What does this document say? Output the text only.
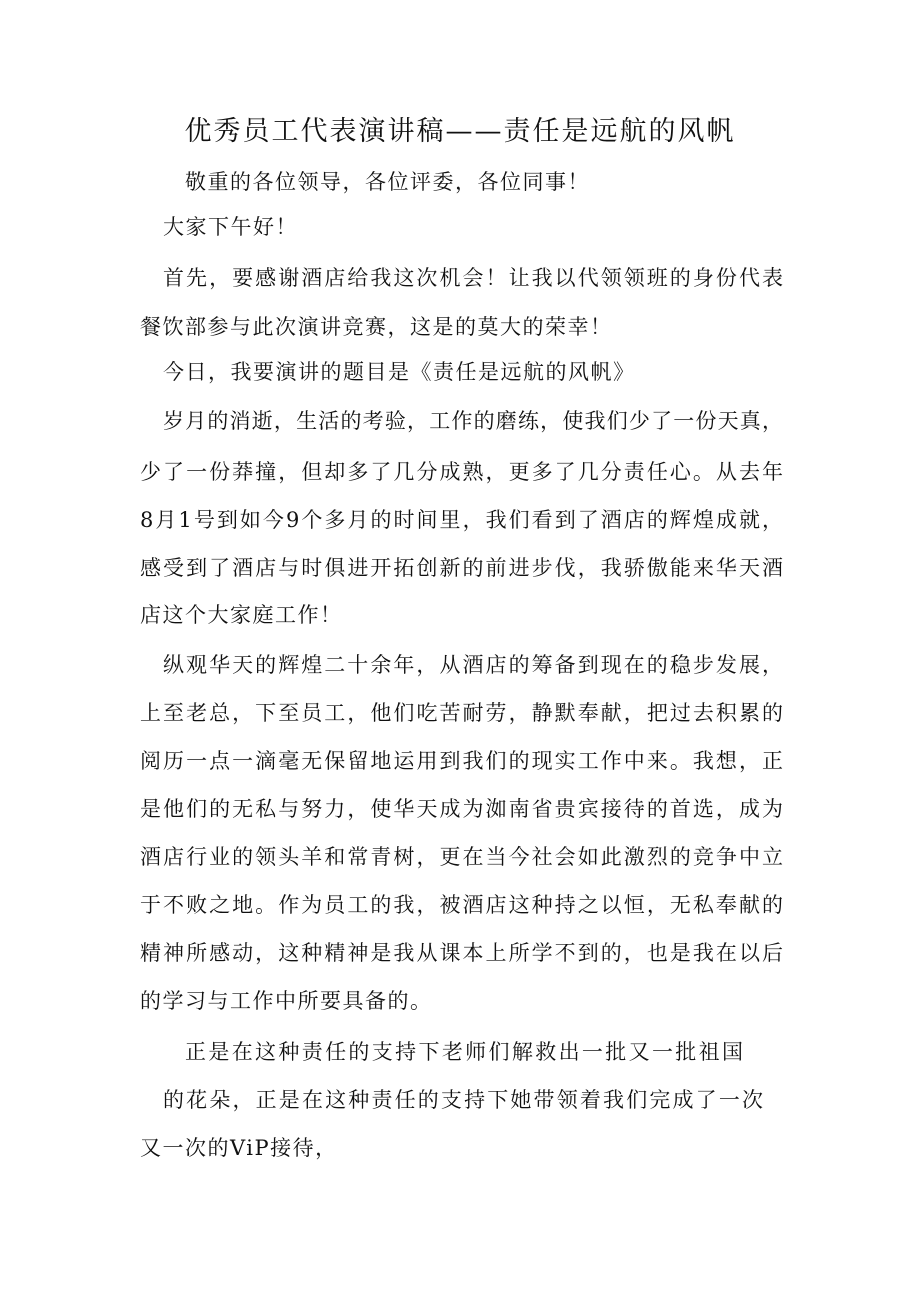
优秀员工代表演讲稿——责任是远航的风帆
敬重的各位领导，各位评委，各位同事！
大家下午好！
首先，要感谢酒店给我这次机会！让我以代领领班的身份代表
餐饮部参与此次演讲竞赛，这是的莫大的荣幸！
今日，我要演讲的题目是《责任是远航的风帆》
岁月的消逝，生活的考验，工作的磨练，使我们少了一份天真，
少了一份莽撞，但却多了几分成熟，更多了几分责任心。从去年
8月1号到如今9个多月的时间里，我们看到了酒店的辉煌成就，
感受到了酒店与时俱进开拓创新的前进步伐，我骄傲能来华天酒
店这个大家庭工作！
纵观华天的辉煌二十余年，从酒店的筹备到现在的稳步发展，
上至老总，下至员工，他们吃苦耐劳，静默奉献，把过去积累的
阅历一点一滴毫无保留地运用到我们的现实工作中来。我想，正
是他们的无私与努力，使华天成为洳南省贵宾接待的首选，成为
酒店行业的领头羊和常青树，更在当今社会如此激烈的竞争中立
于不败之地。作为员工的我，被酒店这种持之以恒，无私奉献的
精神所感动，这种精神是我从课本上所学不到的，也是我在以后
的学习与工作中所要具备的。
正是在这种责任的支持下老师们解救出一批又一批祖国
的花朵，正是在这种责任的支持下她带领着我们完成了一次
又一次的ViP接待，
